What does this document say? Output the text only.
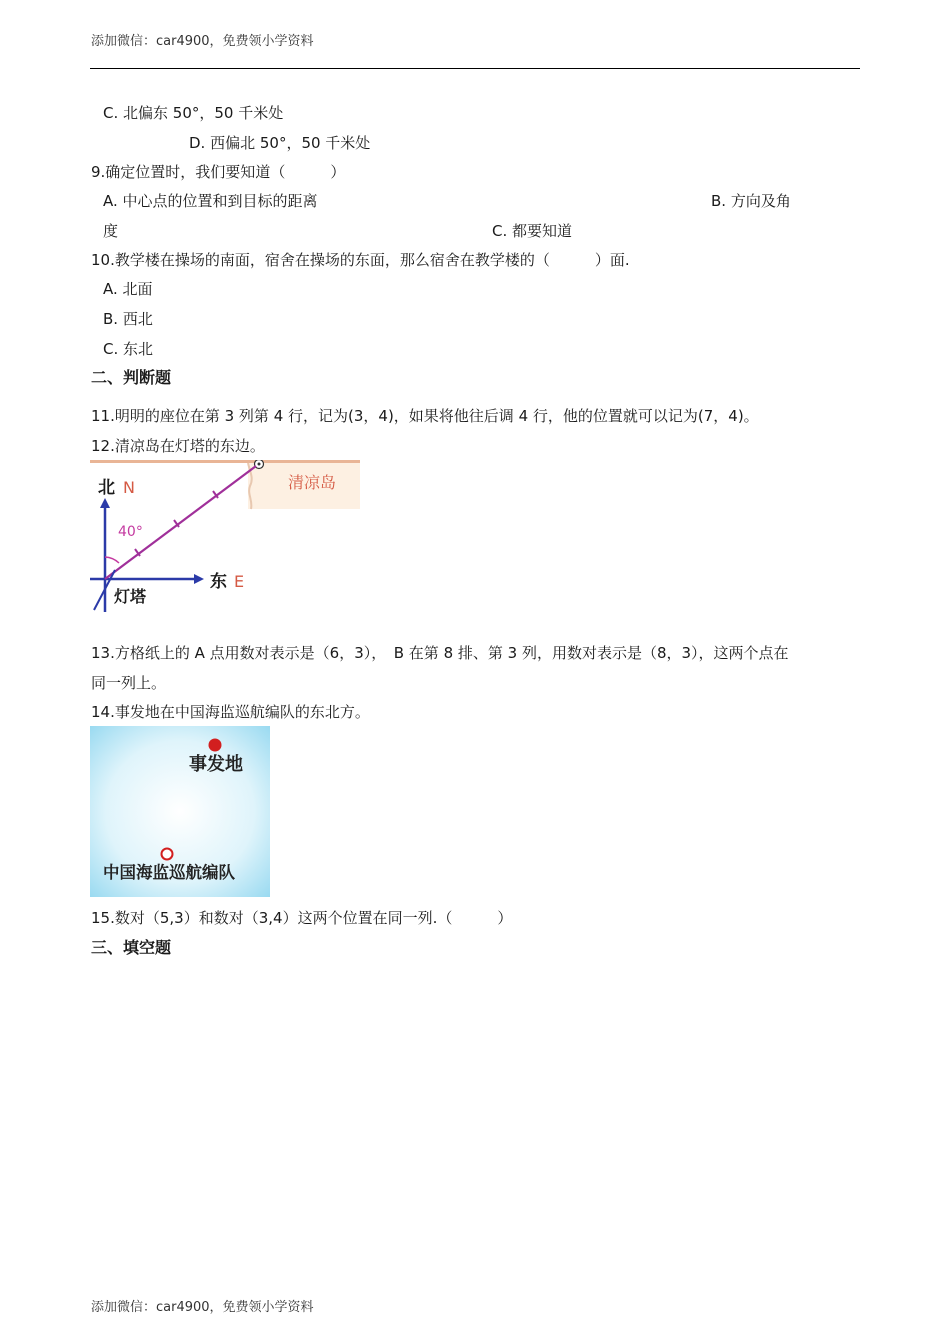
添加微信：car4900，免费领小学资料
C. 北偏东 50°，50 千米处
D. 西偏北 50°，50 千米处
9.确定位置时，我们要知道（　　　）
A. 中心点的位置和到目标的距离	B. 方向及角
度	C. 都要知道
10.教学楼在操场的南面，宿舍在操场的东面，那么宿舍在教学楼的（　　　）面.
A. 北面
B. 西北
C. 东北
二、判断题
11.明明的座位在第 3 列第 4 行，记为(3，4)，如果将他往后调 4 行，他的位置就可以记为(7，4)。
12.清凉岛在灯塔的东边。
清凉岛
北 N
东 E
40°
灯塔
13.方格纸上的 A 点用数对表示是（6，3），　B 在第 8 排、第 3 列，用数对表示是（8，3），这两个点在
同一列上。
14.事发地在中国海监巡航编队的东北方。
事发地
中国海监巡航编队
15.数对（5,3）和数对（3,4）这两个位置在同一列.（　　　）
三、填空题
添加微信：car4900，免费领小学资料
